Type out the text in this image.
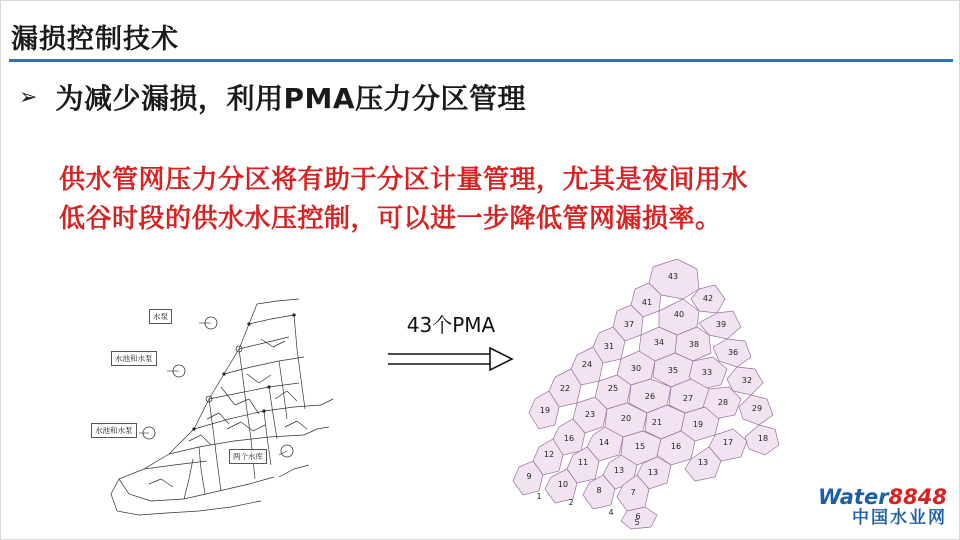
漏损控制技术
➢ 为减少漏损，利用PMA压力分区管理
供水管网压力分区将有助于分区计量管理，尤其是夜间用水
低谷时段的供水水压控制，可以进一步降低管网漏损率。
水泵
水池和水泵
水池和水泵
两个水库
43个PMA
43
42
41
40
39
37
34	38
36
31
30	35	33
32
24
25
26	27	28
29
22
23	20	21	19
18
17
19
16	14	15	16
13
12
11
13	13
9
10
8	7
4	6
1
2
5
Water8848
中国水业网
